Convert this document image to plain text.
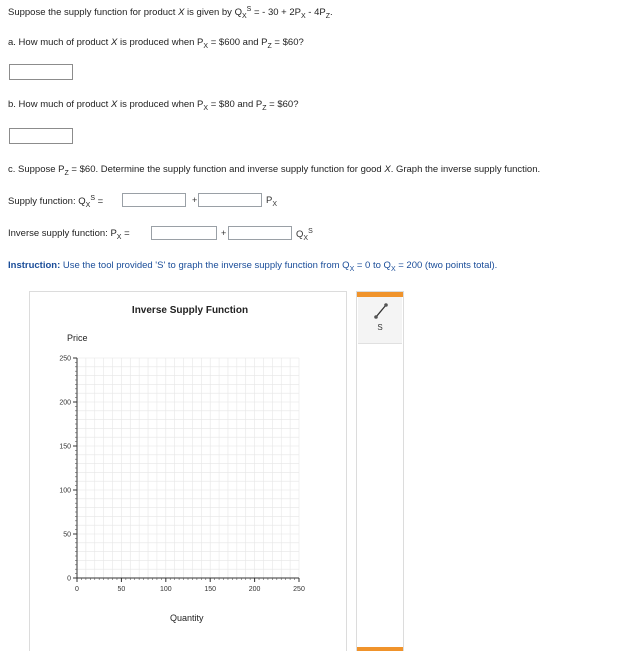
Suppose the supply function for product X is given by $Q_X^S$ = - $30 + 2P_X - 4P_Z$.
a. How much of product X is produced when $P_X$ = $600 and $P_Z$ = $60?
b. How much of product X is produced when $P_X$ = $80 and $P_Z$ = $60?
c. Suppose $P_Z$ = $60. Determine the supply function and inverse supply function for good X. Graph the inverse supply function.
Supply function: $Q_X^S$ =	+	$P_X$
Inverse supply function: $P_X$ =	+	$Q_X^S$
Instruction: Use the tool provided 'S' to graph the inverse supply function from $Q_X = 0$ to $Q_X = 200$ (two points total).
Inverse Supply Function
Price
Quantity
0	50	100	150	200	250
0
50
100
150
200
250
S
